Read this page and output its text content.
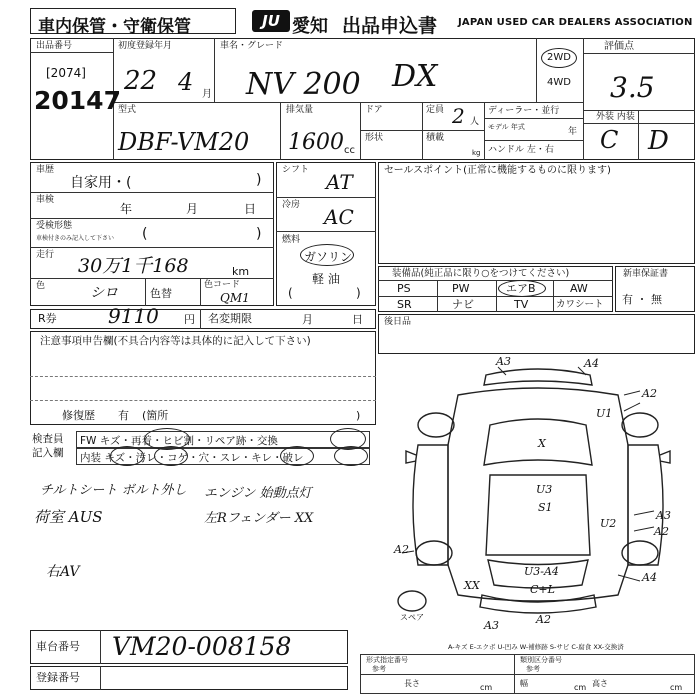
車内保管・守衛保管	JU 愛知 出品申込書 JAPAN USED CAR DEALERS ASSOCIATION
出品番号
[2074]
20147
初度登録年月
22 4 月
車名・グレード
NV 200 DX
2WD
4WD
評価点
3.5
外装 内装
C D
型式
DBF-VM20
排気量
1600 cc
ドア
形状
定員 2 人
積載
kg
ディーラー・並行
モデル 年式	年
ハンドル 左・右
車歴
自家用・(	)
車検
年	月	日
受検形態
車検付きのみ記入して下さい (	)
走行 30万1千168	km
色	シロ	色替
色コード
QM1
シフト AT
冷房 AC
燃料
ガソリン
軽 油
(	)
セールスポイント(正常に機能するものに限ります)
装備品(純正品に限り○をつけてください)
PS	PW	エアB	AW
SR	ナビ	TV	カワシート
新車保証書
有 ・ 無
R券	9110 円 名変期限	月	日 後日品
注意事項申告欄(不具合内容等は具体的に記入して下さい)
修復歴 有 (箇所	)
検査員
記入欄
FW キズ・再着・ヒビ割・リペア跡・交換
内装 キズ・汚レ・コゲ・穴・スレ・キレ・破レ
チルトシート ボルト外し
荷室 AUS	左Rフェンダー XX
エンジン 始動点灯
右AV
A3	A4
A2
U1
X
U3
S1
U2
A3
A2
A2
XX
U3-A4
C+L
A4
A3	A2
スペア
A-キズ E-エクボ U-凹み W-補修跡 S-サビ C-腐食 XX-交換済
車台番号 VM20-008158
登録番号
形式指定番号
参考
類別区分番号
参考
長さ	cm	幅	cm 高さ	cm
